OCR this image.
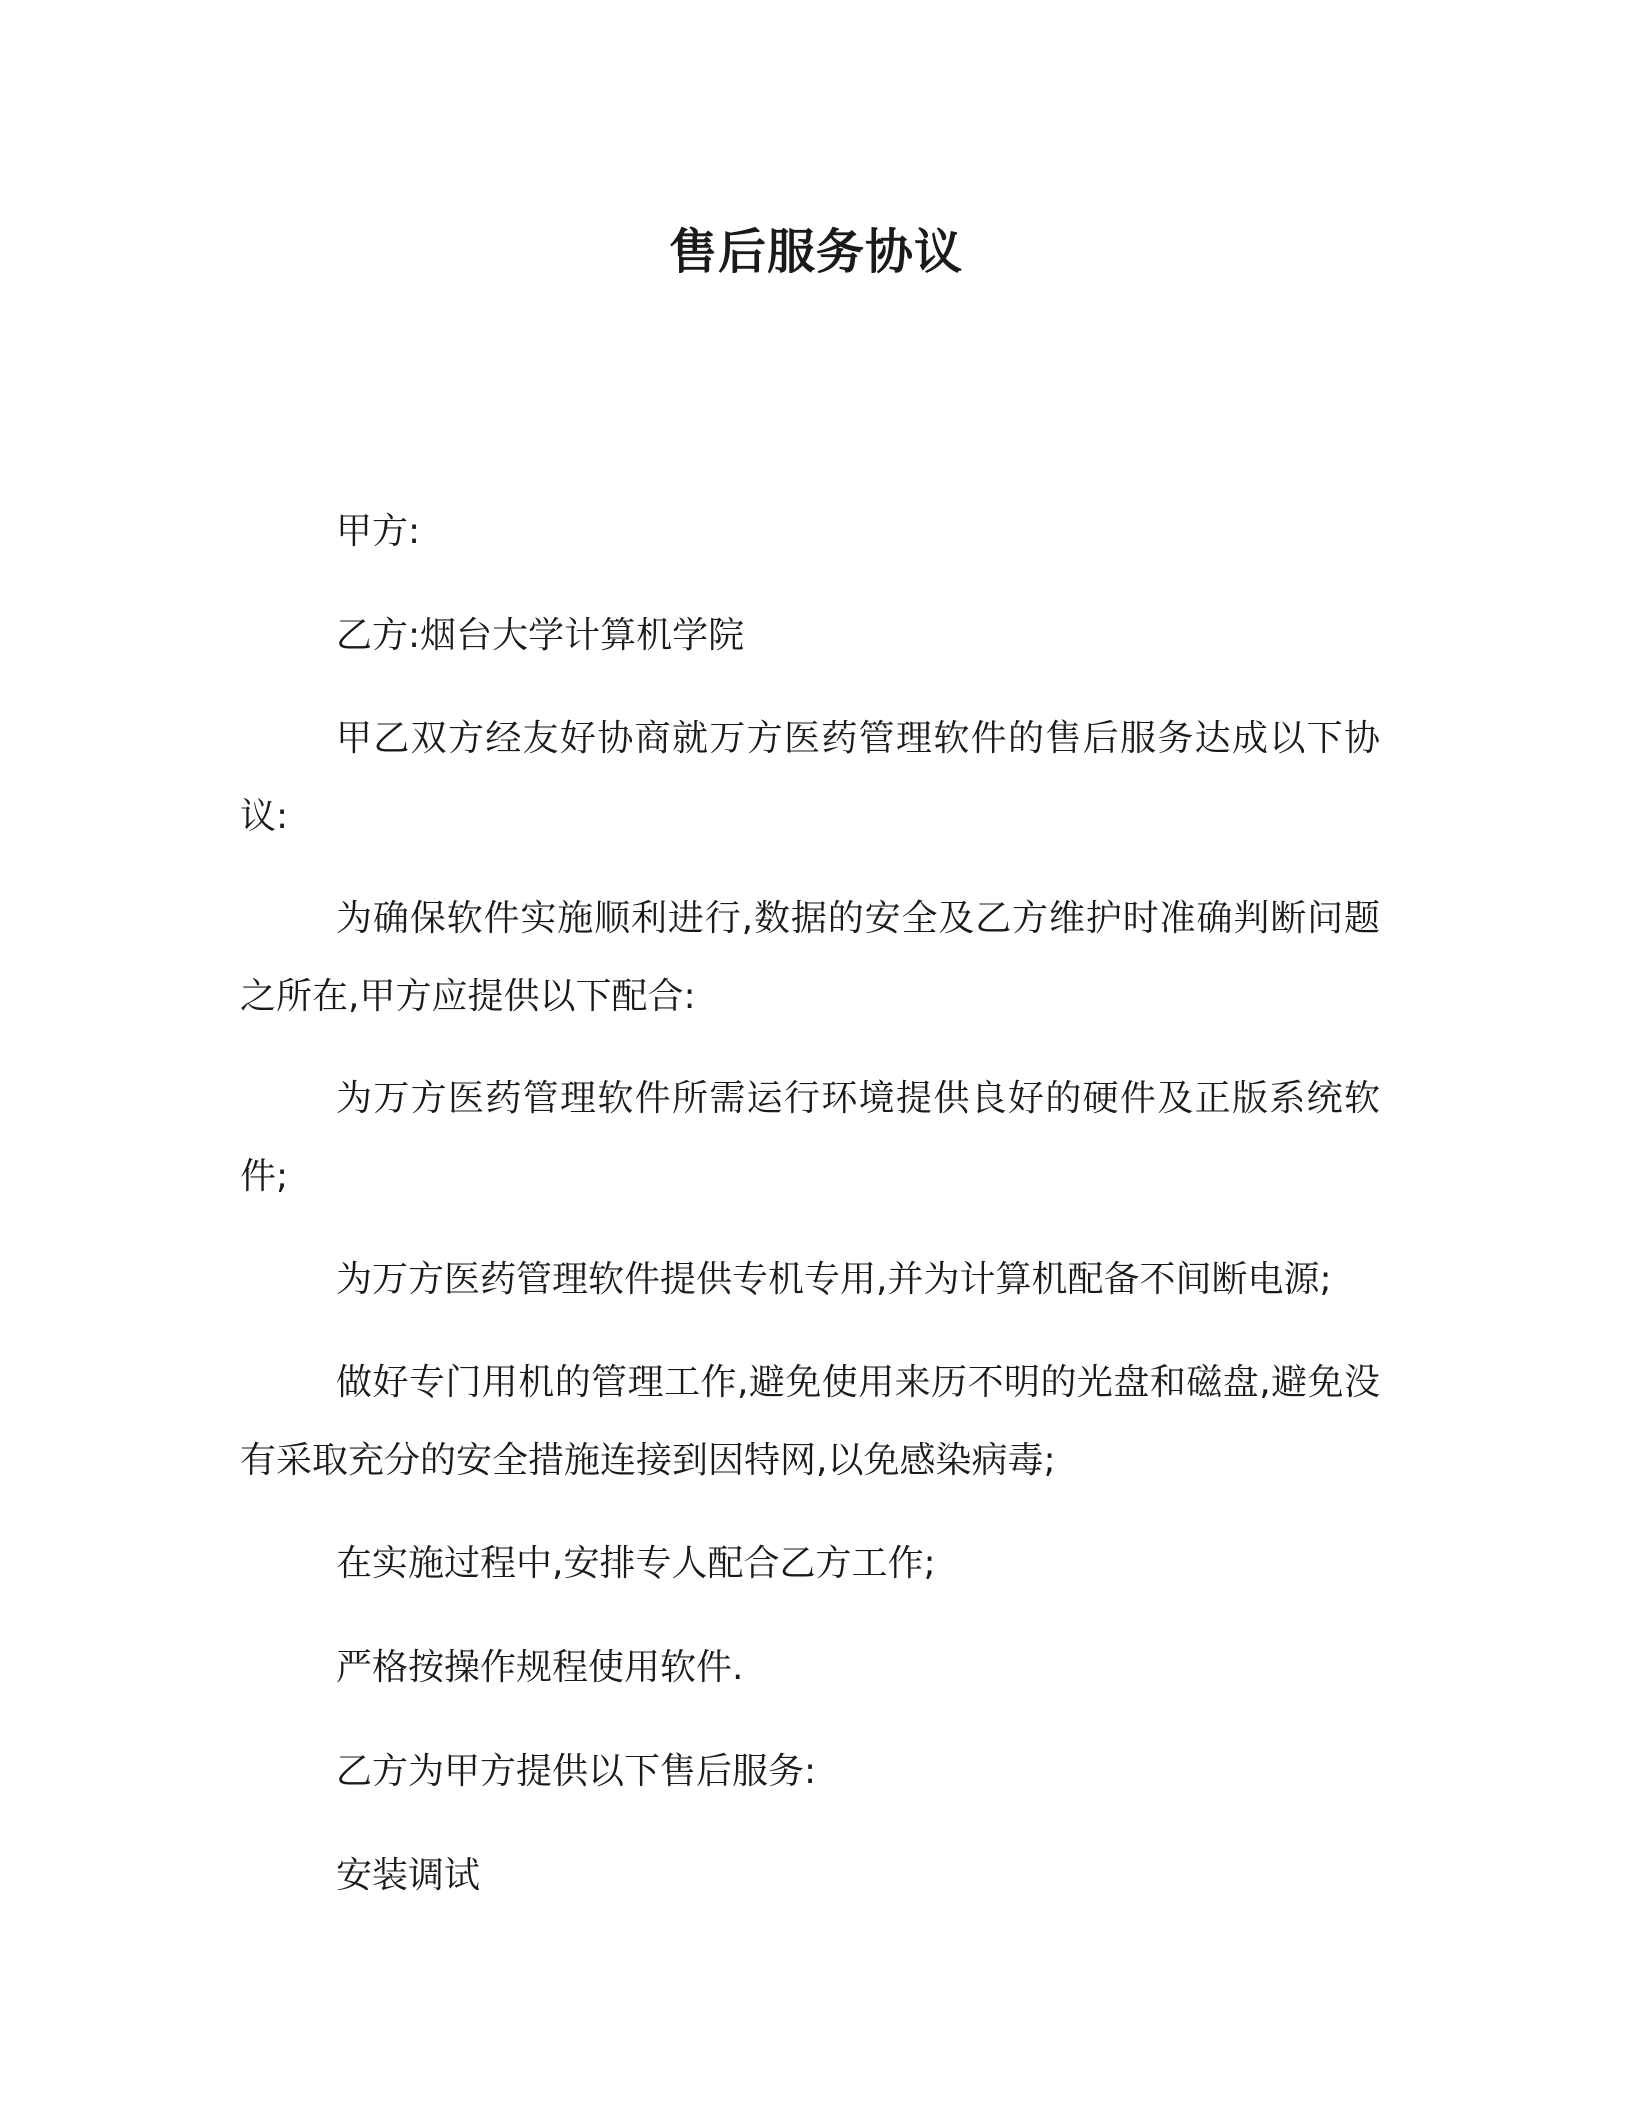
售后服务协议

甲方:

乙方:烟台大学计算机学院

甲乙双方经友好协商就万方医药管理软件的售后服务达成以下协议:

为确保软件实施顺利进行,数据的安全及乙方维护时准确判断问题之所在,甲方应提供以下配合:

为万方医药管理软件所需运行环境提供良好的硬件及正版系统软件;

为万方医药管理软件提供专机专用,并为计算机配备不间断电源;

做好专门用机的管理工作,避免使用来历不明的光盘和磁盘,避免没有采取充分的安全措施连接到因特网,以免感染病毒;

在实施过程中,安排专人配合乙方工作;

严格按操作规程使用软件.

乙方为甲方提供以下售后服务:

安装调试
